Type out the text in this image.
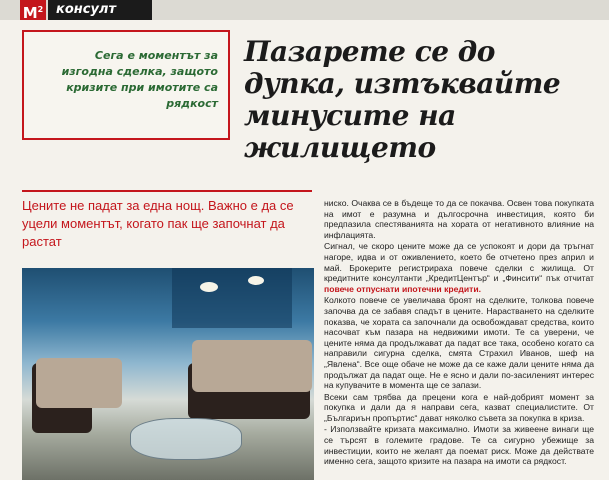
$M^2$ консулт
Сега е моментът за изгодна сделка, защото кризите при имотите са рядкост
Пазарете се до дупка, изтъквайте минусите на жилището
Цените не падат за една нощ. Важно е да се уцели моментът, когато пак ще започнат да растат

ниско. Очаква се в бъдеще то да се покачва. Освен това покупката на имот е разумна и дългосрочна инвестиция, която би предпазила спестяванията на хората от негативното влияние на инфлацията.

Сигнал, че скоро цените може да се успокоят и дори да тръгнат нагоре, идва и от оживлението, което бе отчетено през април и май. Брокерите регистрираха повече сделки с жилища. От кредитните консултанти „КредитЦентър“ и „Финсити“ пък отчитат повече отпуснати ипотечни кредити.

Колкото повече се увеличава броят на сделките, толкова повече започва да се забавя спадът в цените. Нарастването на сделките показва, че хората са започнали да освобождават средства, които насочват към пазара на недвижими имоти. Те са уверени, че цените няма да продължават да падат все така, особено когато са направили сигурна сделка, смята Страхил Иванов, шеф на „Явлена“. Все още обаче не може да се каже дали цените няма да продължат да падат още. Не е ясно и дали по-засиленият интерес на купувачите в момента ще се запази.

Всеки сам трябва да прецени кога е най-добрият момент за покупка и дали да я направи сега, казват специалистите. От „Българиън пропъртис“ дават няколко съвета за покупка в криза.

- Използвайте кризата максимално. Имоти за живеене винаги ще се търсят в големите градове. Те са сигурно убежище за инвестиции, които не желаят да поемат риск. Може да действате именно сега, защото кризите на пазара на имоти са рядкост.
